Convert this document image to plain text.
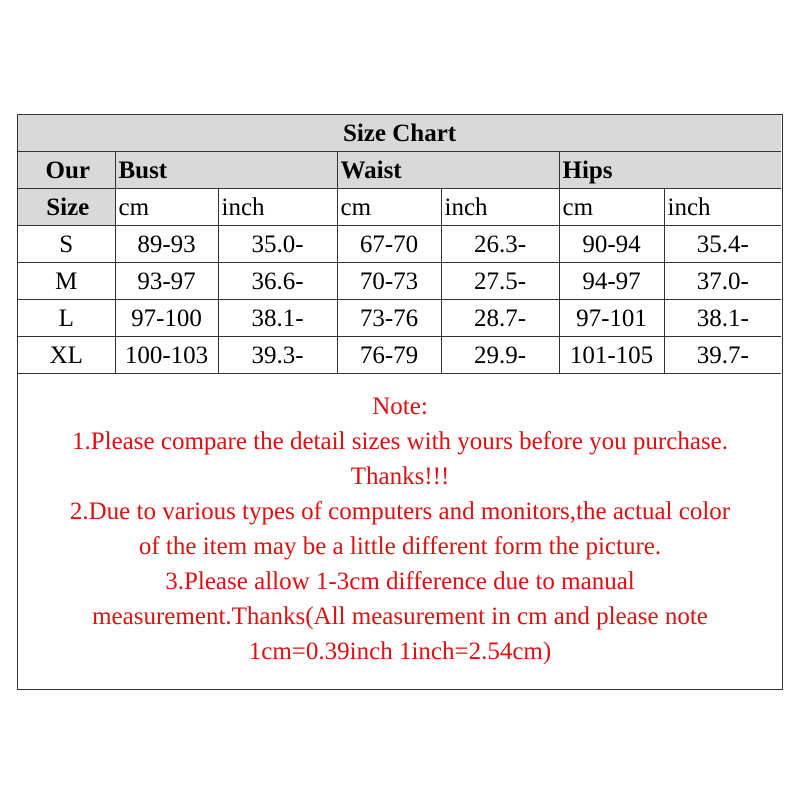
Size Chart						
Our	Bust		Waist		Hips	
Size	cm	inch	cm	inch	cm	inch
S	89-93	35.0-	67-70	26.3-	90-94	35.4-
M	93-97	36.6-	70-73	27.5-	94-97	37.0-
L	97-100	38.1-	73-76	28.7-	97-101	38.1-
XL	100-103	39.3-	76-79	29.9-	101-105	39.7-
Note:
1.Please compare the detail sizes with yours before you purchase.
Thanks!!!
2.Due to various types of computers and monitors,the actual color
of the item may be a little different form the picture.
3.Please allow 1-3cm difference due to manual
measurement.Thanks(All measurement in cm and please note
1cm=0.39inch 1inch=2.54cm)
